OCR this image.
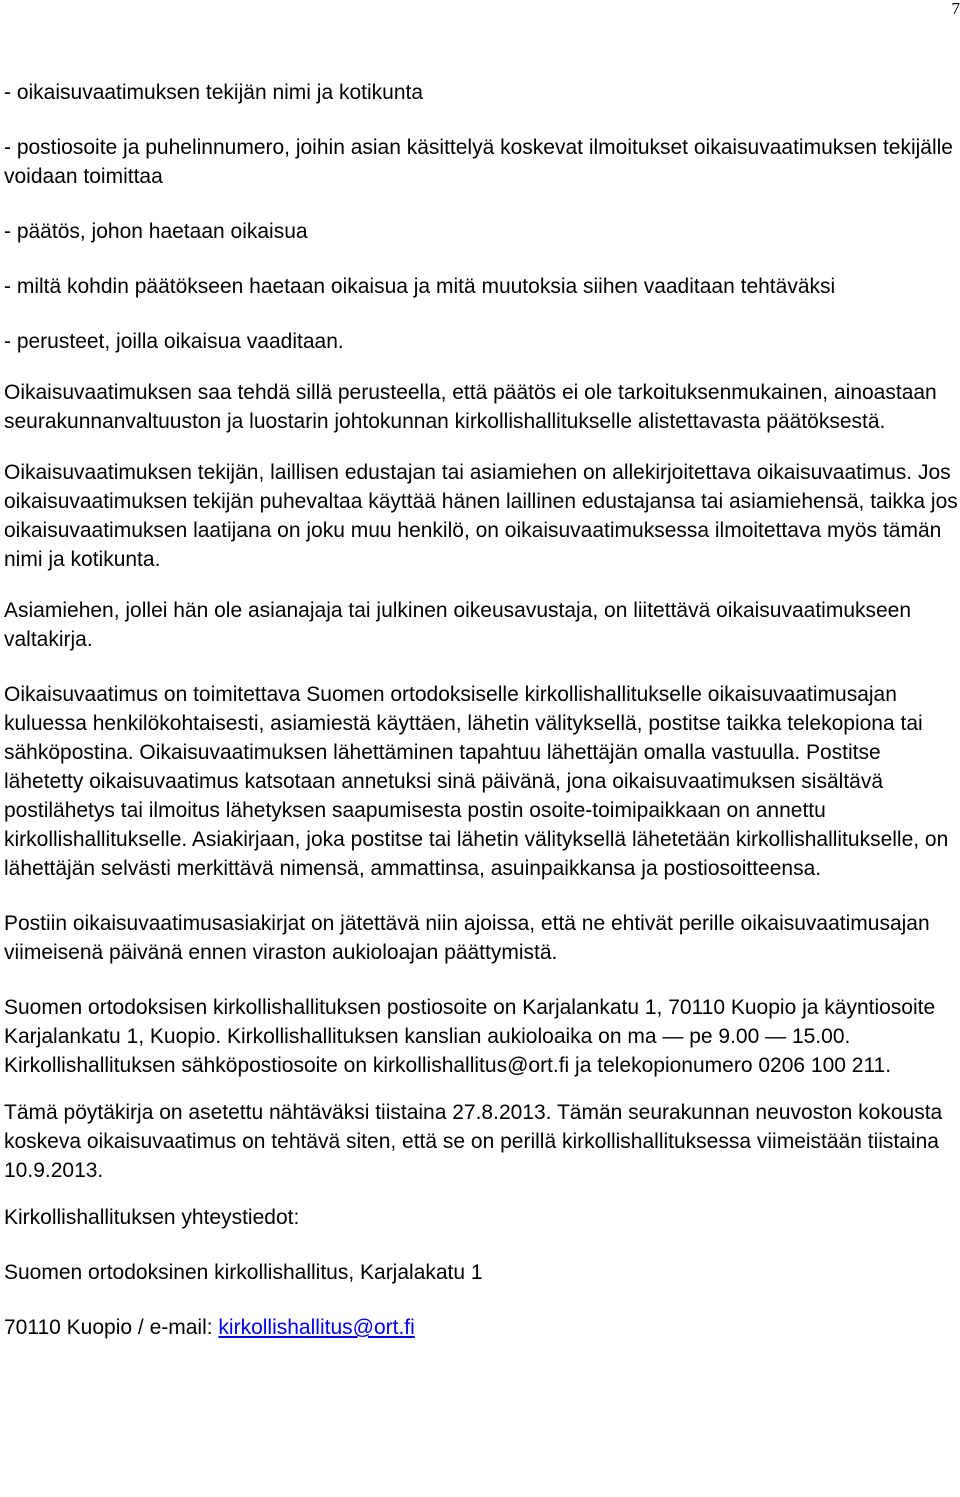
7

- oikaisuvaatimuksen tekijän nimi ja kotikunta

- postiosoite ja puhelinnumero, joihin asian käsittelyä koskevat ilmoitukset oikaisuvaatimuksen tekijälle voidaan toimittaa

- päätös, johon haetaan oikaisua

- miltä kohdin päätökseen haetaan oikaisua ja mitä muutoksia siihen vaaditaan tehtäväksi

- perusteet, joilla oikaisua vaaditaan.

Oikaisuvaatimuksen saa tehdä sillä perusteella, että päätös ei ole tarkoituksenmukainen, ainoastaan seurakunnanvaltuuston ja luostarin johtokunnan kirkollishallitukselle alistettavasta päätöksestä.

Oikaisuvaatimuksen tekijän, laillisen edustajan tai asiamiehen on allekirjoitettava oikaisuvaatimus. Jos oikaisuvaatimuksen tekijän puhevaltaa käyttää hänen laillinen edustajansa tai asiamiehensä, taikka jos oikaisuvaatimuksen laatijana on joku muu henkilö, on oikaisuvaatimuksessa ilmoitettava myös tämän nimi ja kotikunta.

Asiamiehen, jollei hän ole asianajaja tai julkinen oikeusavustaja, on liitettävä oikaisuvaatimukseen valtakirja.

Oikaisuvaatimus on toimitettava Suomen ortodoksiselle kirkollishallitukselle oikaisuvaatimusajan kuluessa henkilökohtaisesti, asiamiestä käyttäen, lähetin välityksellä, postitse taikka telekopiona tai sähköpostina. Oikaisuvaatimuksen lähettäminen tapahtuu lähettäjän omalla vastuulla. Postitse lähetetty oikaisuvaatimus katsotaan annetuksi sinä päivänä, jona oikaisuvaatimuksen sisältävä postilähetys tai ilmoitus lähetyksen saapumisesta postin osoite-toimipaikkaan on annettu kirkollishallitukselle. Asiakirjaan, joka postitse tai lähetin välityksellä lähetetään kirkollishallitukselle, on lähettäjän selvästi merkittävä nimensä, ammattinsa, asuinpaikkansa ja postiosoitteensa.

Postiin oikaisuvaatimusasiakirjat on jätettävä niin ajoissa, että ne ehtivät perille oikaisuvaatimusajan viimeisenä päivänä ennen viraston aukioloajan päättymistä.

Suomen ortodoksisen kirkollishallituksen postiosoite on Karjalankatu 1, 70110 Kuopio ja käyntiosoite Karjalankatu 1, Kuopio. Kirkollishallituksen kanslian aukioloaika on ma — pe 9.00 — 15.00. Kirkollishallituksen sähköpostiosoite on kirkollishallitus@ort.fi ja telekopionumero 0206 100 211.

Tämä pöytäkirja on asetettu nähtäväksi tiistaina 27.8.2013. Tämän seurakunnan neuvoston kokousta koskeva oikaisuvaatimus on tehtävä siten, että se on perillä kirkollishallituksessa viimeistään tiistaina 10.9.2013.

Kirkollishallituksen yhteystiedot:

Suomen ortodoksinen kirkollishallitus, Karjalakatu 1

70110 Kuopio / e-mail: kirkollishallitus@ort.fi
